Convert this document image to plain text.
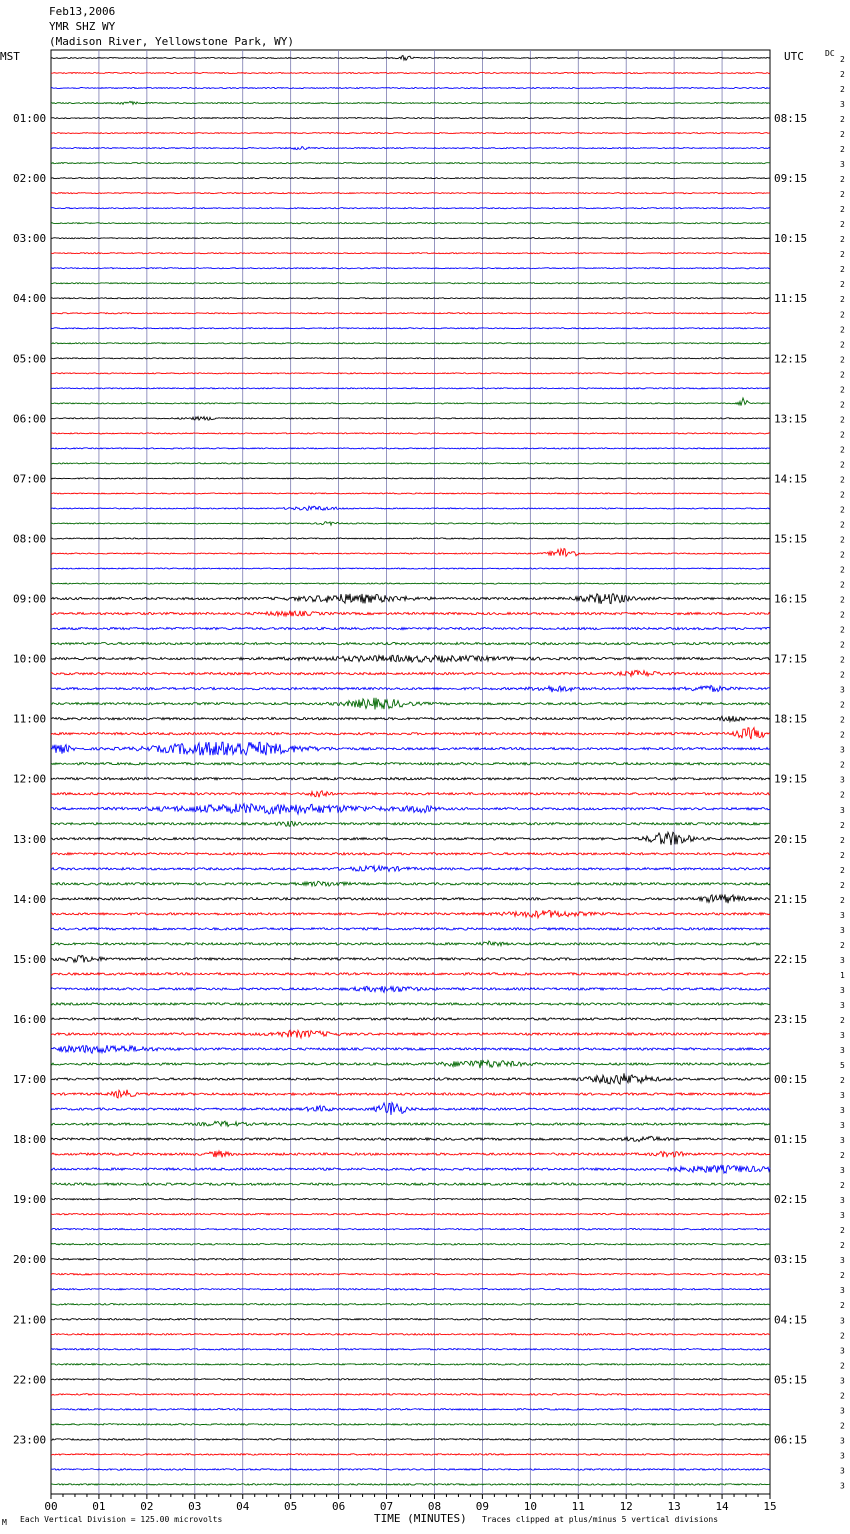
Feb13,2006
YMR SHZ WY
(Madison River, Yellowstone Park, WY)
MST	UTC	DC
00	01	02	03	04	05	06	07	08	09	10	11	12	13	14	15
2
2
2
3
2
2
2
3
2
2
2
2
2
2
2
2
2
2
2
2
2
2
2
2
2
2
2
2
2
2
2
2
2
2
2
2
2
2
2
2
2
2
3
2
2
2
3
2
3
2
3
2
2
2
2
2
2
3
3
2
3
1
3
3
2
3
3
5
2
3
3
3
3
2
3
2
3
3
2
2
3
2
3
2
3
2
3
2
3
2
3
2
3
3
3
3
01:00
02:00
03:00
04:00
05:00
06:00
07:00
08:00
09:00
10:00
11:00
12:00
13:00
14:00
15:00
16:00
17:00
18:00
19:00
20:00
21:00
22:00
23:00
08:15
09:15
10:15
11:15
12:15
13:15
14:15
15:15
16:15
17:15
18:15
19:15
20:15
21:15
22:15
23:15
00:15
01:15
02:15
03:15
04:15
05:15
06:15
M Each Vertical Division = 125.00 microvolts	TIME (MINUTES) Traces clipped at plus/minus 5 vertical divisions
